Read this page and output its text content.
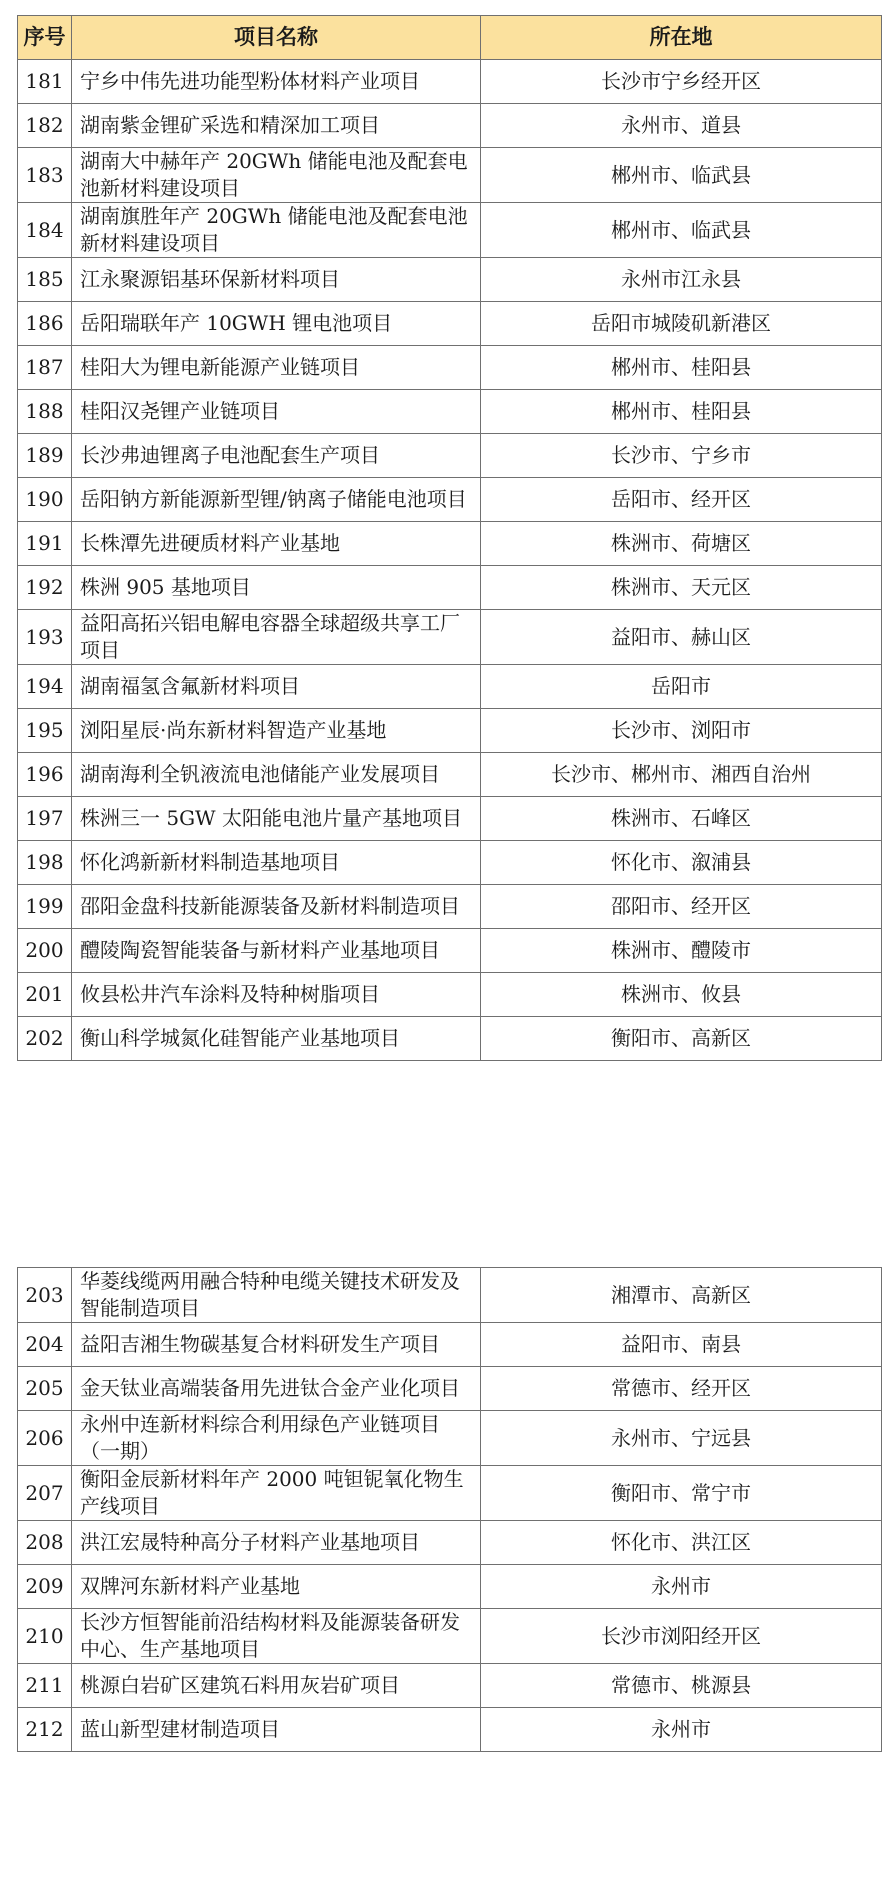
序号	项目名称	所在地
181	宁乡中伟先进功能型粉体材料产业项目	长沙市宁乡经开区
182	湖南紫金锂矿采选和精深加工项目	永州市、道县
183	湖南大中赫年产 20GWh 储能电池及配套电池新材料建设项目	郴州市、临武县
184	湖南旗胜年产 20GWh 储能电池及配套电池新材料建设项目	郴州市、临武县
185	江永聚源铝基环保新材料项目	永州市江永县
186	岳阳瑞联年产 10GWH 锂电池项目	岳阳市城陵矶新港区
187	桂阳大为锂电新能源产业链项目	郴州市、桂阳县
188	桂阳汉尧锂产业链项目	郴州市、桂阳县
189	长沙弗迪锂离子电池配套生产项目	长沙市、宁乡市
190	岳阳钠方新能源新型锂/钠离子储能电池项目	岳阳市、经开区
191	长株潭先进硬质材料产业基地	株洲市、荷塘区
192	株洲 905 基地项目	株洲市、天元区
193	益阳高拓兴铝电解电容器全球超级共享工厂项目	益阳市、赫山区
194	湖南福氢含氟新材料项目	岳阳市
195	浏阳星辰·尚东新材料智造产业基地	长沙市、浏阳市
196	湖南海利全钒液流电池储能产业发展项目	长沙市、郴州市、湘西自治州
197	株洲三一 5GW 太阳能电池片量产基地项目	株洲市、石峰区
198	怀化鸿新新材料制造基地项目	怀化市、溆浦县
199	邵阳金盘科技新能源装备及新材料制造项目	邵阳市、经开区
200	醴陵陶瓷智能装备与新材料产业基地项目	株洲市、醴陵市
201	攸县松井汽车涂料及特种树脂项目	株洲市、攸县
202	衡山科学城氮化硅智能产业基地项目	衡阳市、高新区
203	华菱线缆两用融合特种电缆关键技术研发及智能制造项目	湘潭市、高新区
204	益阳吉湘生物碳基复合材料研发生产项目	益阳市、南县
205	金天钛业高端装备用先进钛合金产业化项目	常德市、经开区
206	永州中连新材料综合利用绿色产业链项目（一期）	永州市、宁远县
207	衡阳金辰新材料年产 2000 吨钽铌氧化物生产线项目	衡阳市、常宁市
208	洪江宏晟特种高分子材料产业基地项目	怀化市、洪江区
209	双牌河东新材料产业基地	永州市
210	长沙方恒智能前沿结构材料及能源装备研发中心、生产基地项目	长沙市浏阳经开区
211	桃源白岩矿区建筑石料用灰岩矿项目	常德市、桃源县
212	蓝山新型建材制造项目	永州市
